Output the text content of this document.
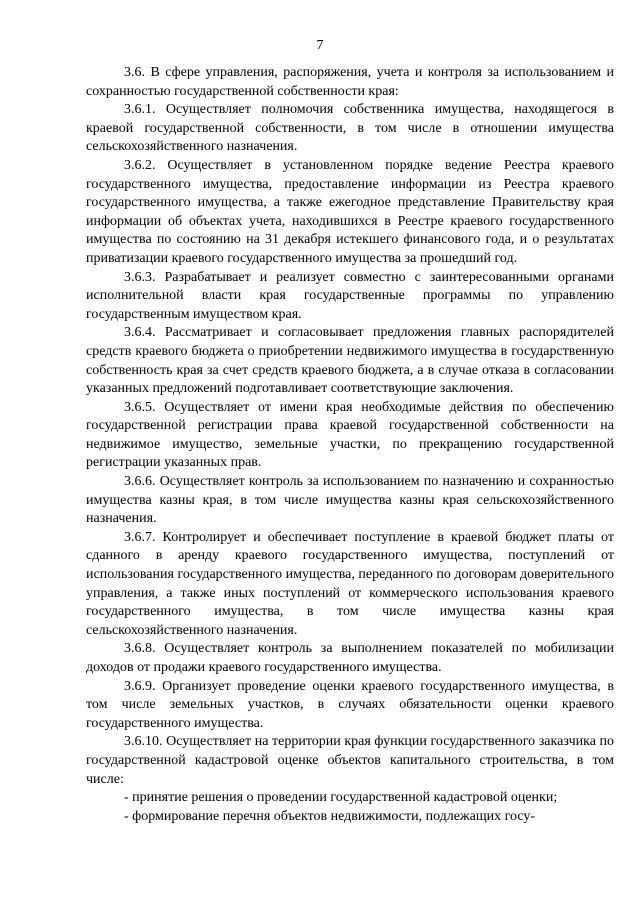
7

3.6. В сфере управления, распоряжения, учета и контроля за использованием и сохранностью государственной собственности края:

3.6.1. Осуществляет полномочия собственника имущества, находящегося в краевой государственной собственности, в том числе в отношении имущества сельскохозяйственного назначения.

3.6.2. Осуществляет в установленном порядке ведение Реестра краевого государственного имущества, предоставление информации из Реестра краевого государственного имущества, а также ежегодное представление Правительству края информации об объектах учета, находившихся в Реестре краевого государственного имущества по состоянию на 31 декабря истекшего финансового года, и о результатах приватизации краевого государственного имущества за прошедший год.

3.6.3. Разрабатывает и реализует совместно с заинтересованными органами исполнительной власти края государственные программы по управлению государственным имуществом края.

3.6.4. Рассматривает и согласовывает предложения главных распорядителей средств краевого бюджета о приобретении недвижимого имущества в государственную собственность края за счет средств краевого бюджета, а в случае отказа в согласовании указанных предложений подготавливает соответствующие заключения.

3.6.5. Осуществляет от имени края необходимые действия по обеспечению государственной регистрации права краевой государственной собственности на недвижимое имущество, земельные участки, по прекращению государственной регистрации указанных прав.

3.6.6. Осуществляет контроль за использованием по назначению и сохранностью имущества казны края, в том числе имущества казны края сельскохозяйственного назначения.

3.6.7. Контролирует и обеспечивает поступление в краевой бюджет платы от сданного в аренду краевого государственного имущества, поступлений от использования государственного имущества, переданного по договорам доверительного управления, а также иных поступлений от коммерческого использования краевого государственного имущества, в том числе имущества казны края сельскохозяйственного назначения.

3.6.8. Осуществляет контроль за выполнением показателей по мобилизации доходов от продажи краевого государственного имущества.

3.6.9. Организует проведение оценки краевого государственного имущества, в том числе земельных участков, в случаях обязательности оценки краевого государственного имущества.

3.6.10. Осуществляет на территории края функции государственного заказчика по государственной кадастровой оценке объектов капитального строительства, в том числе:

- принятие решения о проведении государственной кадастровой оценки;

- формирование перечня объектов недвижимости, подлежащих госу-
